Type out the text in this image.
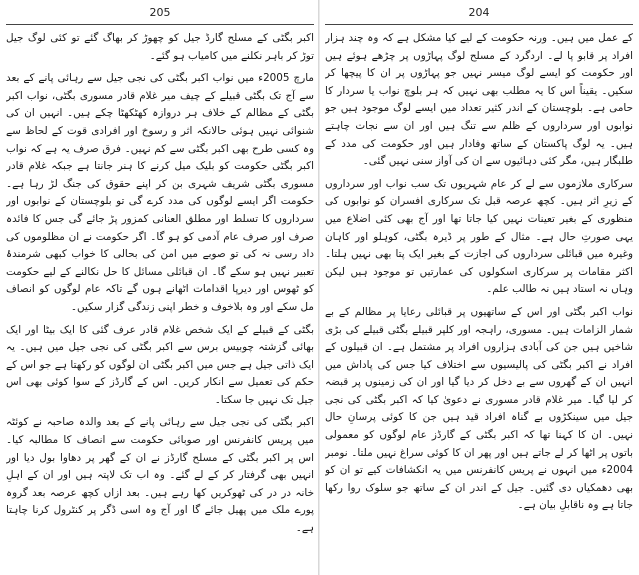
205

اکبر بگٹی کے مسلح گارڈ جیل کو چھوڑ کر بھاگ گئے تو کئی لوگ جیل توڑ کر باہر نکلنے میں کامیاب ہو گئے۔

مارچ 2005ء میں نواب اکبر بگٹی کی نجی جیل سے رہائی پانے کے بعد سے آج تک بگٹی قبیلے کے چیف میر غلام قادر مسوری بگٹی، نواب اکبر بگٹی کے مظالم کے خلاف ہر دروازہ کھٹکھٹا چکے ہیں۔ انہیں ان کی شنوائی نہیں ہوئی حالانکہ اثر و رسوخ اور افرادی قوت کے لحاظ سے وہ کسی طرح بھی اکبر بگٹی سے کم نہیں۔ فرق صرف یہ ہے کہ نواب اکبر بگٹی حکومت کو بلیک میل کرنے کا ہنر جانتا ہے جبکہ غلام قادر مسوری بگٹی شریف شہری بن کر اپنے حقوق کی جنگ لڑ رہا ہے۔ حکومت اگر ایسے لوگوں کی مدد کرے گی تو بلوچستان کے نوابوں اور سرداروں کا تسلط اور مطلق العنانی کمزور پڑ جائے گی جس کا فائدہ صرف اور صرف عام آدمی کو ہو گا۔ اگر حکومت نے ان مظلوموں کی داد رسی نہ کی تو صوبے میں امن کی بحالی کا خواب کبھی شرمندۂ تعبیر نہیں ہو سکے گا۔ ان قبائلی مسائل کا حل نکالنے کے لیے حکومت کو ٹھوس اور دیرپا اقدامات اٹھانے ہوں گے تاکہ عام لوگوں کو انصاف مل سکے اور وہ بلاخوف و خطر اپنی زندگی گزار سکیں۔

بگٹی کے قبیلے کے ایک شخص غلام قادر عرف گئی کا ایک بیٹا اور ایک بھائی گزشتہ چوبیس برس سے اکبر بگٹی کی نجی جیل میں ہیں۔ یہ ایک ذاتی جیل ہے جس میں اکبر بگٹی ان لوگوں کو رکھتا ہے جو اس کے حکم کی تعمیل سے انکار کریں۔ اس کے گارڈز کے سوا کوئی بھی اس جیل تک نہیں جا سکتا۔

اکبر بگٹی کی نجی جیل سے رہائی پانے کے بعد والدہ صاحبہ نے کوئٹہ میں پریس کانفرنس اور صوبائی حکومت سے انصاف کا مطالبہ کیا۔ اس پر اکبر بگٹی کے مسلح گارڈز نے ان کے گھر پر دھاوا بول دیا اور انہیں بھی گرفتار کر کے لے گئے۔ وہ اب تک لاپتہ ہیں اور ان کے اہلِ خانہ در در کی ٹھوکریں کھا رہے ہیں۔ بعد ازاں کچھ عرصہ بعد گروہ پورے ملک میں پھیل جائے گا اور آج وہ اسی ڈگر پر کنٹرول کرنا چاہتا ہے۔

204

کے عمل میں ہیں۔ ورنہ حکومت کے لیے کیا مشکل ہے کہ وہ چند ہزار افراد پر قابو پا لے۔ اردگرد کے مسلح لوگ پہاڑوں پر چڑھے ہوئے ہیں اور حکومت کو ایسے لوگ میسر نہیں جو پہاڑوں پر ان کا پیچھا کر سکیں۔ یقیناً اس کا یہ مطلب بھی نہیں کہ ہر بلوچ نواب یا سردار کا حامی ہے۔ بلوچستان کے اندر کثیر تعداد میں ایسے لوگ موجود ہیں جو نوابوں اور سرداروں کے ظلم سے تنگ ہیں اور ان سے نجات چاہتے ہیں۔ یہ لوگ پاکستان کے ساتھ وفادار ہیں اور حکومت کی مدد کے طلبگار ہیں، مگر کئی دہائیوں سے ان کی آواز سنی نہیں گئی۔

سرکاری ملازموں سے لے کر عام شہریوں تک سب نواب اور سرداروں کے زیرِ اثر ہیں۔ کچھ عرصہ قبل تک سرکاری افسران کو نوابوں کی منظوری کے بغیر تعینات نہیں کیا جاتا تھا اور آج بھی کئی اضلاع میں یہی صورتِ حال ہے۔ مثال کے طور پر ڈیرہ بگٹی، کوہلو اور کاہان وغیرہ میں قبائلی سرداروں کی اجازت کے بغیر ایک پتا بھی نہیں ہلتا۔ اکثر مقامات پر سرکاری اسکولوں کی عمارتیں تو موجود ہیں لیکن وہاں نہ استاد ہیں نہ طالب علم۔

نواب اکبر بگٹی اور اس کے ساتھیوں پر قبائلی رعایا پر مظالم کے بے شمار الزامات ہیں۔ مسوری، راہجہ اور کلپر قبیلے بگٹی قبیلے کی بڑی شاخیں ہیں جن کی آبادی ہزاروں افراد پر مشتمل ہے۔ ان قبیلوں کے افراد نے اکبر بگٹی کی پالیسیوں سے اختلاف کیا جس کی پاداش میں انہیں ان کے گھروں سے بے دخل کر دیا گیا اور ان کی زمینوں پر قبضہ کر لیا گیا۔ میر غلام قادر مسوری نے دعویٰ کیا کہ اکبر بگٹی کی نجی جیل میں سینکڑوں بے گناہ افراد قید ہیں جن کا کوئی پرسانِ حال نہیں۔ ان کا کہنا تھا کہ اکبر بگٹی کے گارڈز عام لوگوں کو معمولی باتوں پر اٹھا کر لے جاتے ہیں اور پھر ان کا کوئی سراغ نہیں ملتا۔ نومبر 2004ء میں انہوں نے پریس کانفرنس میں یہ انکشافات کیے تو ان کو بھی دھمکیاں دی گئیں۔ جیل کے اندر ان کے ساتھ جو سلوک روا رکھا جاتا ہے وہ ناقابلِ بیان ہے۔
